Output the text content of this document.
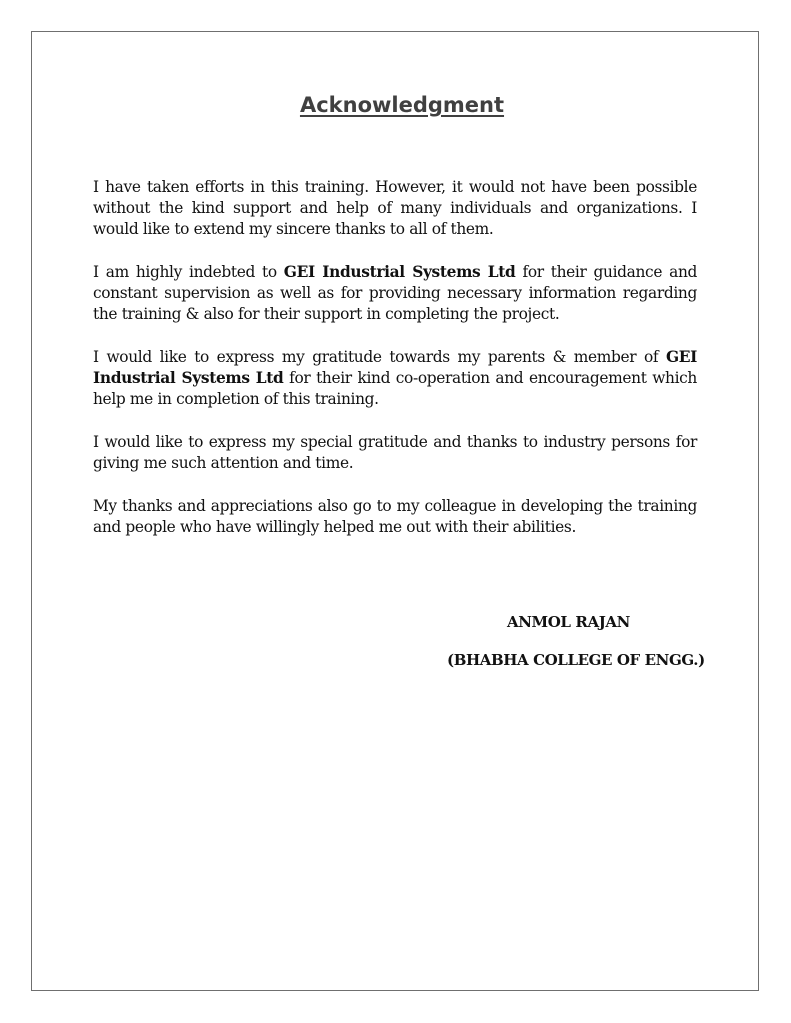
Acknowledgment

I have taken efforts in this training. However, it would not have been possible without the kind support and help of many individuals and organizations. I would like to extend my sincere thanks to all of them.

I am highly indebted to GEI Industrial Systems Ltd for their guidance and constant supervision as well as for providing necessary information regarding the training & also for their support in completing the project.

I would like to express my gratitude towards my parents & member of GEI Industrial Systems Ltd for their kind co-operation and encouragement which help me in completion of this training.

I would like to express my special gratitude and thanks to industry persons for giving me such attention and time.

My thanks and appreciations also go to my colleague in developing the training and people who have willingly helped me out with their abilities.

ANMOL RAJAN
(BHABHA COLLEGE OF ENGG.)
